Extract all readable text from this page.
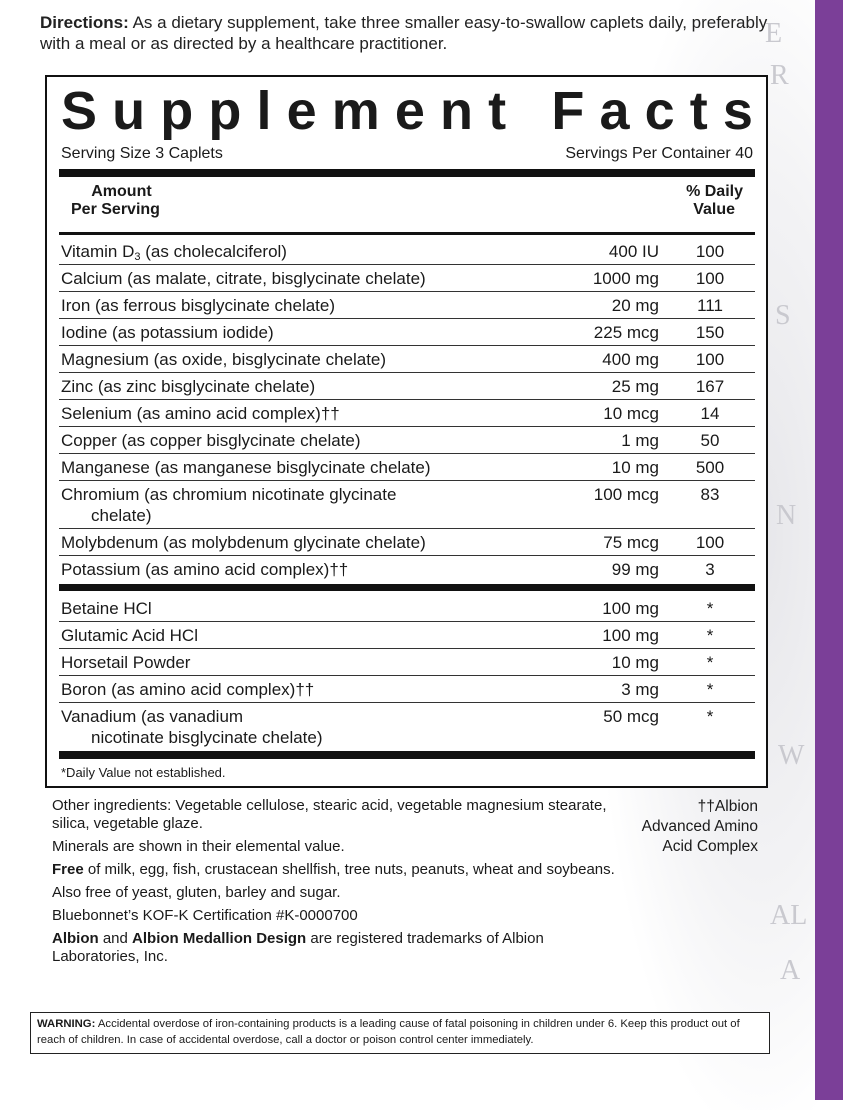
E
R
S
N
W
AL
A
Directions: As a dietary supplement, take three smaller easy-to-swallow caplets daily, preferably with a meal or as directed by a healthcare practitioner.
S u p p l e m e n t
F a c t s
Serving Size 3 Caplets	Servings Per Container 40
Amount
Per Serving
% Daily
Value
Vitamin D3 (as cholecalciferol)	400 IU	100
Calcium (as malate, citrate, bisglycinate chelate)	1000 mg	100
Iron (as ferrous bisglycinate chelate)	20 mg	111
Iodine (as potassium iodide)	225 mcg	150
Magnesium (as oxide, bisglycinate chelate)	400 mg	100
Zinc (as zinc bisglycinate chelate)	25 mg	167
Selenium (as amino acid complex)††	10 mcg	14
Copper (as copper bisglycinate chelate)	1 mg	50
Manganese (as manganese bisglycinate chelate)	10 mg	500
Chromium (as chromium nicotinate glycinate
chelate)
100 mcg	83
Molybdenum (as molybdenum glycinate chelate)	75 mcg	100
Potassium (as amino acid complex)††	99 mg	3
Betaine HCl	100 mg	*
Glutamic Acid HCl	100 mg	*
Horsetail Powder	10 mg	*
Boron (as amino acid complex)††	3 mg	*
Vanadium (as vanadium
nicotinate bisglycinate chelate)
50 mcg	*
*Daily Value not established.

Other ingredients: Vegetable cellulose, stearic acid, vegetable magnesium stearate, silica, vegetable glaze.

Minerals are shown in their elemental value.

Free of milk, egg, fish, crustacean shellfish, tree nuts, peanuts, wheat and soybeans.

Also free of yeast, gluten, barley and sugar.

Bluebonnet’s KOF-K Certification #K-0000700

Albion and Albion Medallion Design are registered trademarks of Albion Laboratories, Inc.

††Albion Advanced Amino Acid Complex
WARNING: Accidental overdose of iron-containing products is a leading cause of fatal poisoning in children under 6. Keep this product out of reach of children. In case of accidental overdose, call a doctor or poison control center immediately.
